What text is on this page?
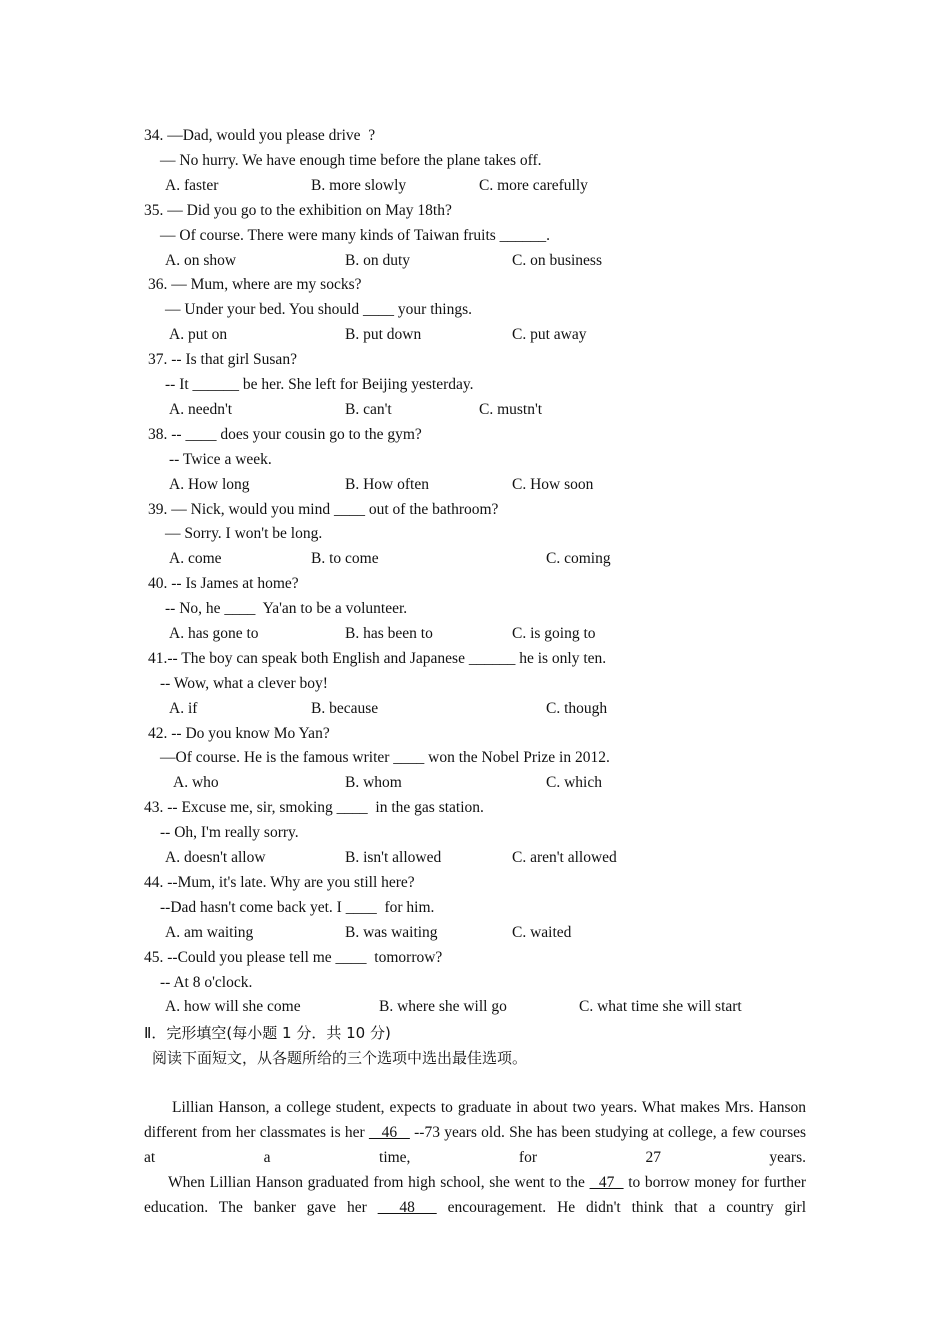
34. —Dad, would you please drive  ?
— No hurry. We have enough time before the plane takes off.
A. faster	B. more slowly	C. more carefully
35. — Did you go to the exhibition on May 18th?
— Of course. There were many kinds of Taiwan fruits ______.
A. on show	B. on duty	C. on business
36. — Mum, where are my socks?
— Under your bed. You should ____ your things.
A. put on	B. put down	C. put away
37. -- Is that girl Susan?
-- It ______ be her. She left for Beijing yesterday.
A. needn't	B. can't	C. mustn't
38. -- ____ does your cousin go to the gym?
-- Twice a week.
A. How long	B. How often	C. How soon
39. — Nick, would you mind ____ out of the bathroom?
— Sorry. I won't be long.
A. come	B. to come	C. coming
40. -- Is James at home?
-- No, he ____  Ya'an to be a volunteer.
A. has gone to	B. has been to	C. is going to
41.-- The boy can speak both English and Japanese ______ he is only ten.
-- Wow, what a clever boy!
A. if	B. because	C. though
42. -- Do you know Mo Yan?
—Of course. He is the famous writer ____ won the Nobel Prize in 2012.
A. who	B. whom	C. which
43. -- Excuse me, sir, smoking ____  in the gas station.
-- Oh, I'm really sorry.
A. doesn't allow	B. isn't allowed	C. aren't allowed
44. --Mum, it's late. Why are you still here?
--Dad hasn't come back yet. I ____  for him.
A. am waiting	B. was waiting	C. waited
45. --Could you please tell me ____  tomorrow?
-- At 8 o'clock.
A. how will she come	B. where she will go	C. what time she will start
Ⅱ．完形填空(每小题 1 分．共 10 分)
阅读下面短文，从各题所给的三个选项中选出最佳选项。
Lillian Hanson, a college student, expects to graduate in about two years. What makes Mrs. Hanson different from her classmates is her    46    --73 years old. She has been studying at college, a few courses at a time, for 27 years.
When Lillian Hanson graduated from high school, she went to the   47   to borrow money for further education. The banker gave her   48   encouragement. He didn't think that a country girl
